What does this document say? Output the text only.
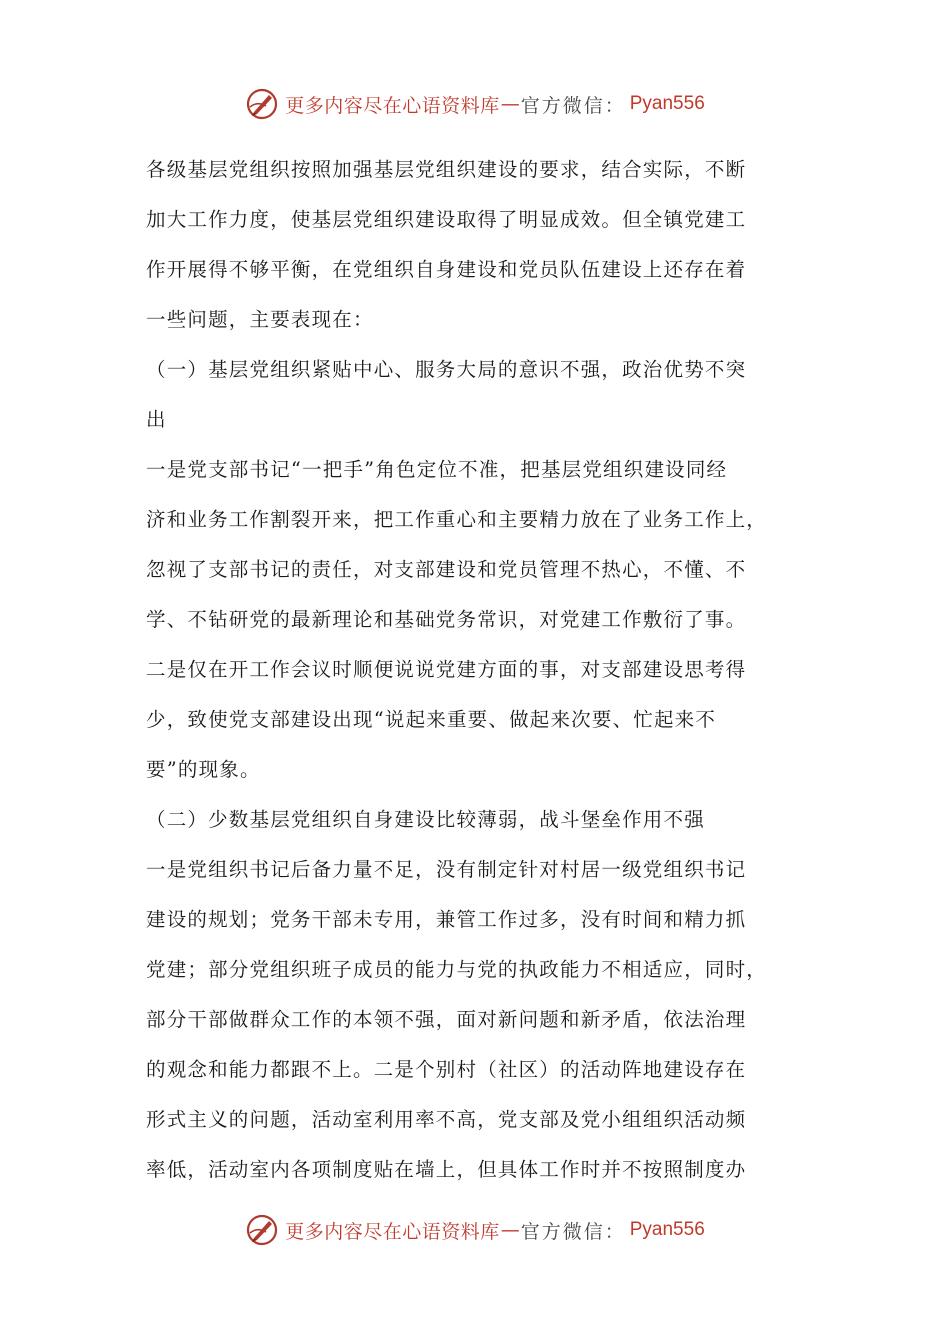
更多内容尽在心语资料库 — 官方微信： Pyan556
各级基层党组织按照加强基层党组织建设的要求，结合实际，不断
加大工作力度，使基层党组织建设取得了明显成效。但全镇党建工
作开展得不够平衡，在党组织自身建设和党员队伍建设上还存在着
一些问题，主要表现在：
（一）基层党组织紧贴中心、服务大局的意识不强，政治优势不突
出
一是党支部书记“一把手”角色定位不准，把基层党组织建设同经
济和业务工作割裂开来，把工作重心和主要精力放在了业务工作上，
忽视了支部书记的责任，对支部建设和党员管理不热心，不懂、不
学、不钻研党的最新理论和基础党务常识，对党建工作敷衍了事。
二是仅在开工作会议时顺便说说党建方面的事，对支部建设思考得
少，致使党支部建设出现“说起来重要、做起来次要、忙起来不
要”的现象。
（二）少数基层党组织自身建设比较薄弱，战斗堡垒作用不强
一是党组织书记后备力量不足，没有制定针对村居一级党组织书记
建设的规划；党务干部未专用，兼管工作过多，没有时间和精力抓
党建；部分党组织班子成员的能力与党的执政能力不相适应，同时，
部分干部做群众工作的本领不强，面对新问题和新矛盾，依法治理
的观念和能力都跟不上。二是个别村（社区）的活动阵地建设存在
形式主义的问题，活动室利用率不高，党支部及党小组组织活动频
率低，活动室内各项制度贴在墙上，但具体工作时并不按照制度办
更多内容尽在心语资料库 — 官方微信： Pyan556
